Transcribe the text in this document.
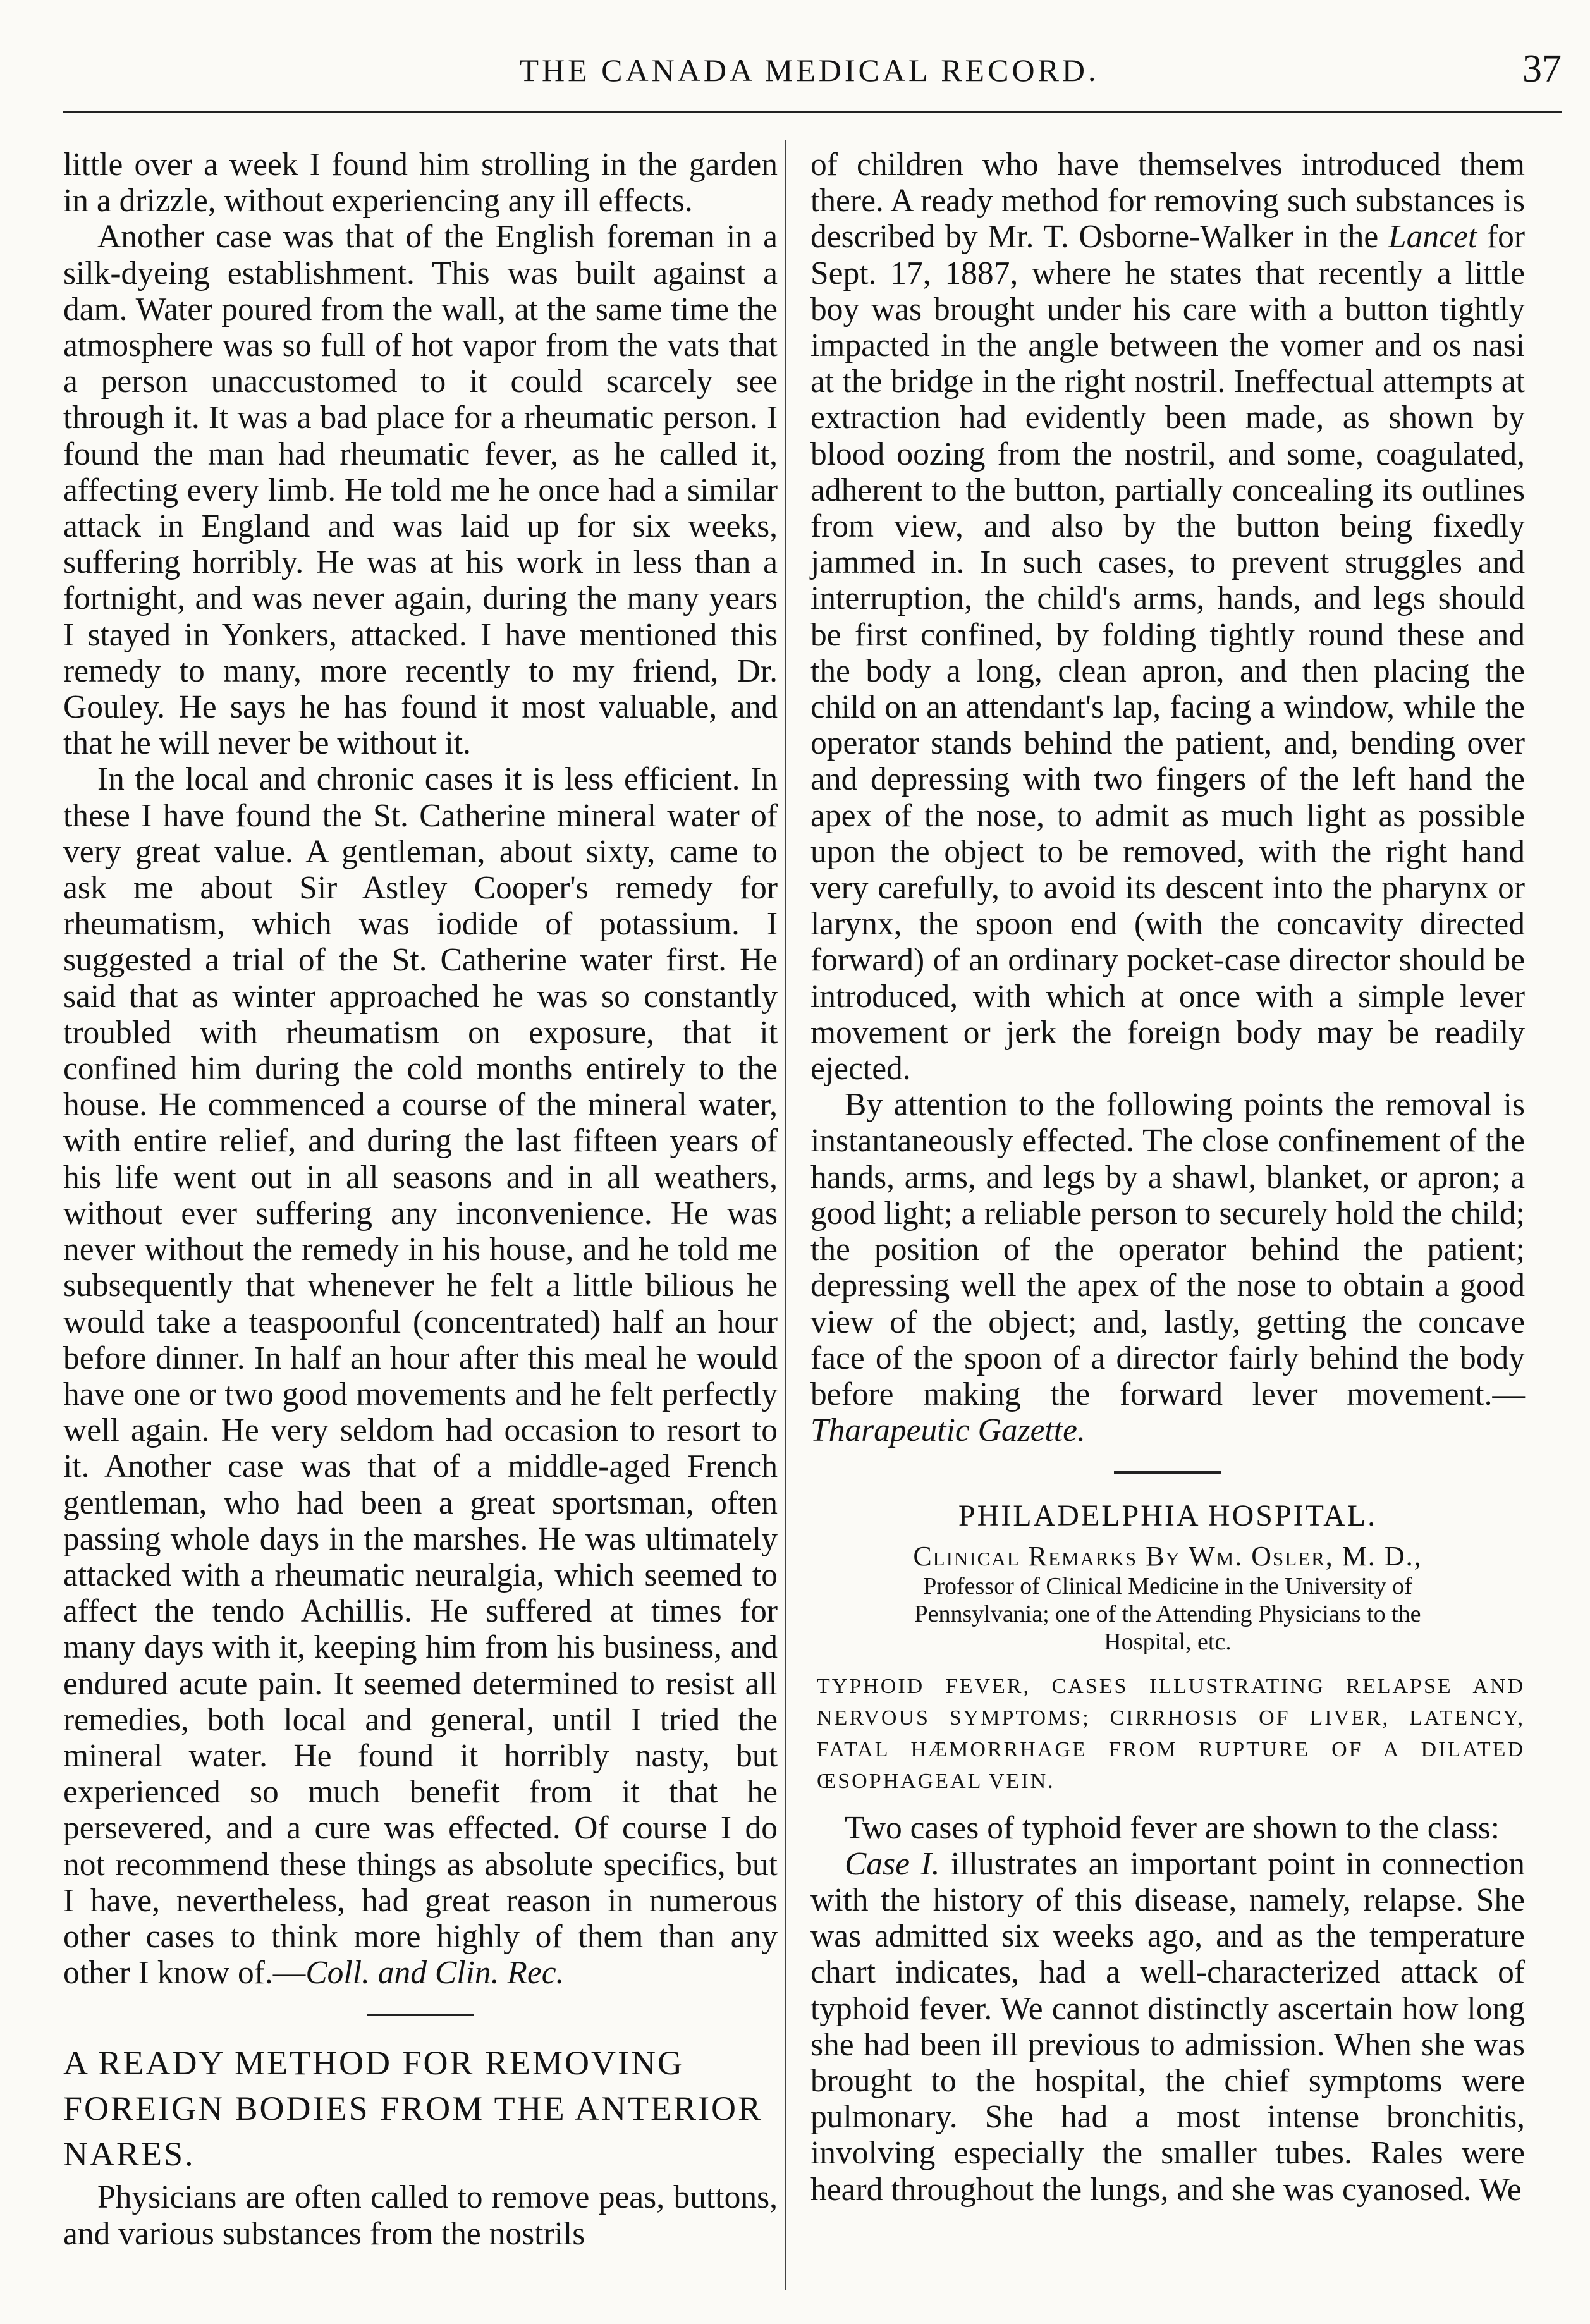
THE CANADA MEDICAL RECORD.	37

little over a week I found him strolling in the garden in a drizzle, without experiencing any ill effects.

Another case was that of the English foreman in a silk-dyeing establishment. This was built against a dam. Water poured from the wall, at the same time the atmosphere was so full of hot vapor from the vats that a person unaccustomed to it could scarcely see through it. It was a bad place for a rheumatic person. I found the man had rheumatic fever, as he called it, affecting every limb. He told me he once had a similar attack in England and was laid up for six weeks, suffering horribly. He was at his work in less than a fortnight, and was never again, during the many years I stayed in Yonkers, attacked. I have mentioned this remedy to many, more recently to my friend, Dr. Gouley. He says he has found it most valuable, and that he will never be without it.

In the local and chronic cases it is less efficient. In these I have found the St. Catherine mineral water of very great value. A gentleman, about sixty, came to ask me about Sir Astley Cooper's remedy for rheumatism, which was iodide of potassium. I suggested a trial of the St. Catherine water first. He said that as winter approached he was so constantly troubled with rheumatism on exposure, that it confined him during the cold months entirely to the house. He commenced a course of the mineral water, with entire relief, and during the last fifteen years of his life went out in all seasons and in all weathers, without ever suffering any inconvenience. He was never without the remedy in his house, and he told me subsequently that whenever he felt a little bilious he would take a teaspoonful (concentrated) half an hour before dinner. In half an hour after this meal he would have one or two good movements and he felt perfectly well again. He very seldom had occasion to resort to it. Another case was that of a middle-aged French gentleman, who had been a great sportsman, often passing whole days in the marshes. He was ultimately attacked with a rheumatic neuralgia, which seemed to affect the tendo Achillis. He suffered at times for many days with it, keeping him from his business, and endured acute pain. It seemed determined to resist all remedies, both local and general, until I tried the mineral water. He found it horribly nasty, but experienced so much benefit from it that he persevered, and a cure was effected. Of course I do not recommend these things as absolute specifics, but I have, nevertheless, had great reason in numerous other cases to think more highly of them than any other I know of.—Coll. and Clin. Rec.

A READY METHOD FOR REMOVING FOREIGN BODIES FROM THE ANTERIOR NARES.

Physicians are often called to remove peas, buttons, and various substances from the nostrils

of children who have themselves introduced them there. A ready method for removing such substances is described by Mr. T. Osborne-Walker in the Lancet for Sept. 17, 1887, where he states that recently a little boy was brought under his care with a button tightly impacted in the angle between the vomer and os nasi at the bridge in the right nostril. Ineffectual attempts at extraction had evidently been made, as shown by blood oozing from the nostril, and some, coagulated, adherent to the button, partially concealing its outlines from view, and also by the button being fixedly jammed in. In such cases, to prevent struggles and interruption, the child's arms, hands, and legs should be first confined, by folding tightly round these and the body a long, clean apron, and then placing the child on an attendant's lap, facing a window, while the operator stands behind the patient, and, bending over and depressing with two fingers of the left hand the apex of the nose, to admit as much light as possible upon the object to be removed, with the right hand very carefully, to avoid its descent into the pharynx or larynx, the spoon end (with the concavity directed forward) of an ordinary pocket-case director should be introduced, with which at once with a simple lever movement or jerk the foreign body may be readily ejected.

By attention to the following points the removal is instantaneously effected. The close confinement of the hands, arms, and legs by a shawl, blanket, or apron; a good light; a reliable person to securely hold the child; the position of the operator behind the patient; depressing well the apex of the nose to obtain a good view of the object; and, lastly, getting the concave face of the spoon of a director fairly behind the body before making the forward lever movement.—Tharapeutic Gazette.

PHILADELPHIA HOSPITAL.
Clinical Remarks By Wm. Osler, M. D.,
Professor of Clinical Medicine in the University of Pennsylvania; one of the Attending Physicians to the Hospital, etc.
TYPHOID FEVER, CASES ILLUSTRATING RELAPSE AND NERVOUS SYMPTOMS; CIRRHOSIS OF LIVER, LATENCY, FATAL HÆMORRHAGE FROM RUPTURE OF A DILATED ŒSOPHAGEAL VEIN.

Two cases of typhoid fever are shown to the class:

Case I. illustrates an important point in connection with the history of this disease, namely, relapse. She was admitted six weeks ago, and as the temperature chart indicates, had a well-characterized attack of typhoid fever. We cannot distinctly ascertain how long she had been ill previous to admission. When she was brought to the hospital, the chief symptoms were pulmonary. She had a most intense bronchitis, involving especially the smaller tubes. Rales were heard throughout the lungs, and she was cyanosed. We
